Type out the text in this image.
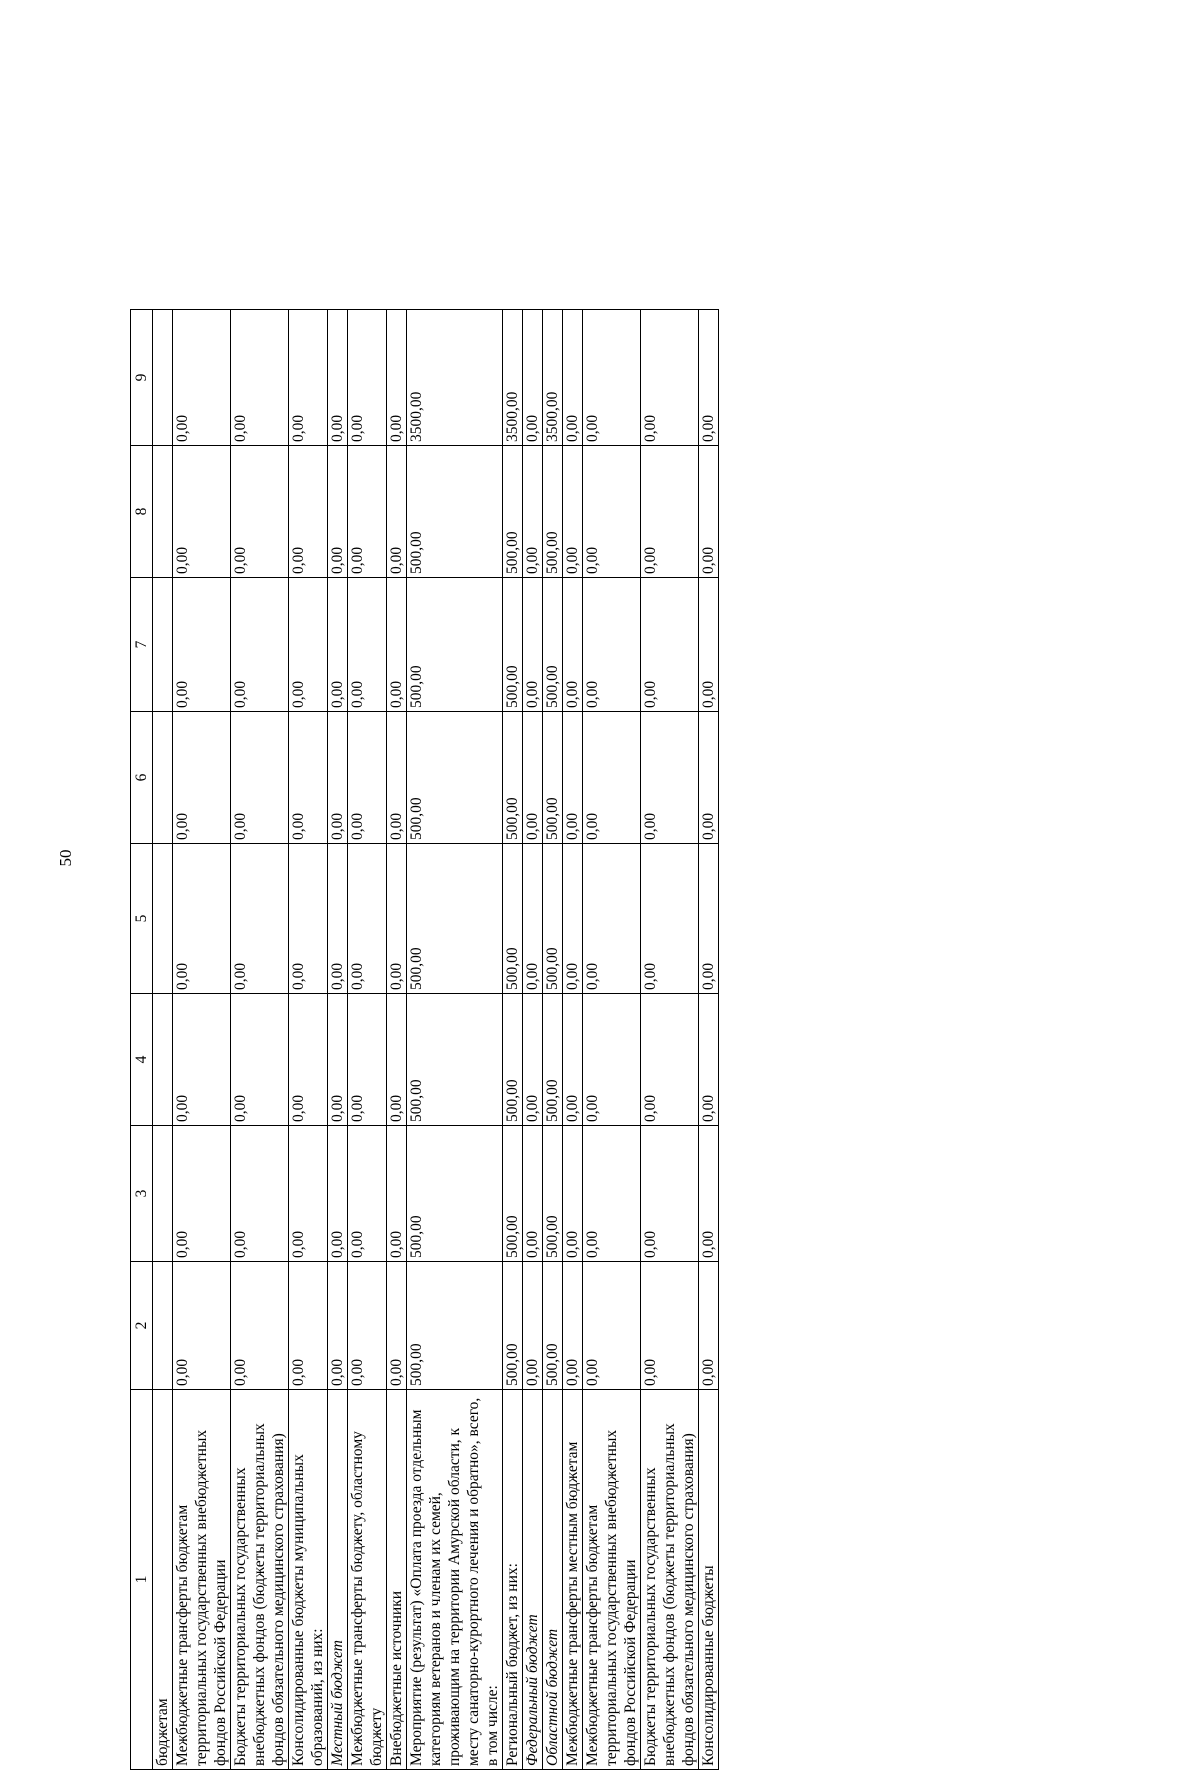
50
1	2	3	4	5	6	7	8	9
бюджетам								
Межбюджетные трансферты бюджетам территориальных государственных внебюджетных фондов Российской Федерации	0,00	0,00	0,00	0,00	0,00	0,00	0,00	0,00
Бюджеты территориальных государственных внебюджетных фондов (бюджеты территориальных фондов обязательного медицинского страхования)	0,00	0,00	0,00	0,00	0,00	0,00	0,00	0,00
Консолидированные бюджеты муниципальных образований, из них:	0,00	0,00	0,00	0,00	0,00	0,00	0,00	0,00
Местный бюджет	0,00	0,00	0,00	0,00	0,00	0,00	0,00	0,00
Межбюджетные трансферты бюджету, областному бюджету	0,00	0,00	0,00	0,00	0,00	0,00	0,00	0,00
Внебюджетные источники	0,00	0,00	0,00	0,00	0,00	0,00	0,00	0,00
Мероприятие (результат) «Оплата проезда отдельным категориям ветеранов и членам их семей, проживающим на территории Амурской области, к месту санаторно-курортного лечения и обратно», всего, в том числе:	500,00	500,00	500,00	500,00	500,00	500,00	500,00	3500,00
Региональный бюджет, из них:	500,00	500,00	500,00	500,00	500,00	500,00	500,00	3500,00
Федеральный бюджет	0,00	0,00	0,00	0,00	0,00	0,00	0,00	0,00
Областной бюджет	500,00	500,00	500,00	500,00	500,00	500,00	500,00	3500,00
Межбюджетные трансферты местным бюджетам	0,00	0,00	0,00	0,00	0,00	0,00	0,00	0,00
Межбюджетные трансферты бюджетам территориальных государственных внебюджетных фондов Российской Федерации	0,00	0,00	0,00	0,00	0,00	0,00	0,00	0,00
Бюджеты территориальных государственных внебюджетных фондов (бюджеты территориальных фондов обязательного медицинского страхования)	0,00	0,00	0,00	0,00	0,00	0,00	0,00	0,00
Консолидированные бюджеты	0,00	0,00	0,00	0,00	0,00	0,00	0,00	0,00
